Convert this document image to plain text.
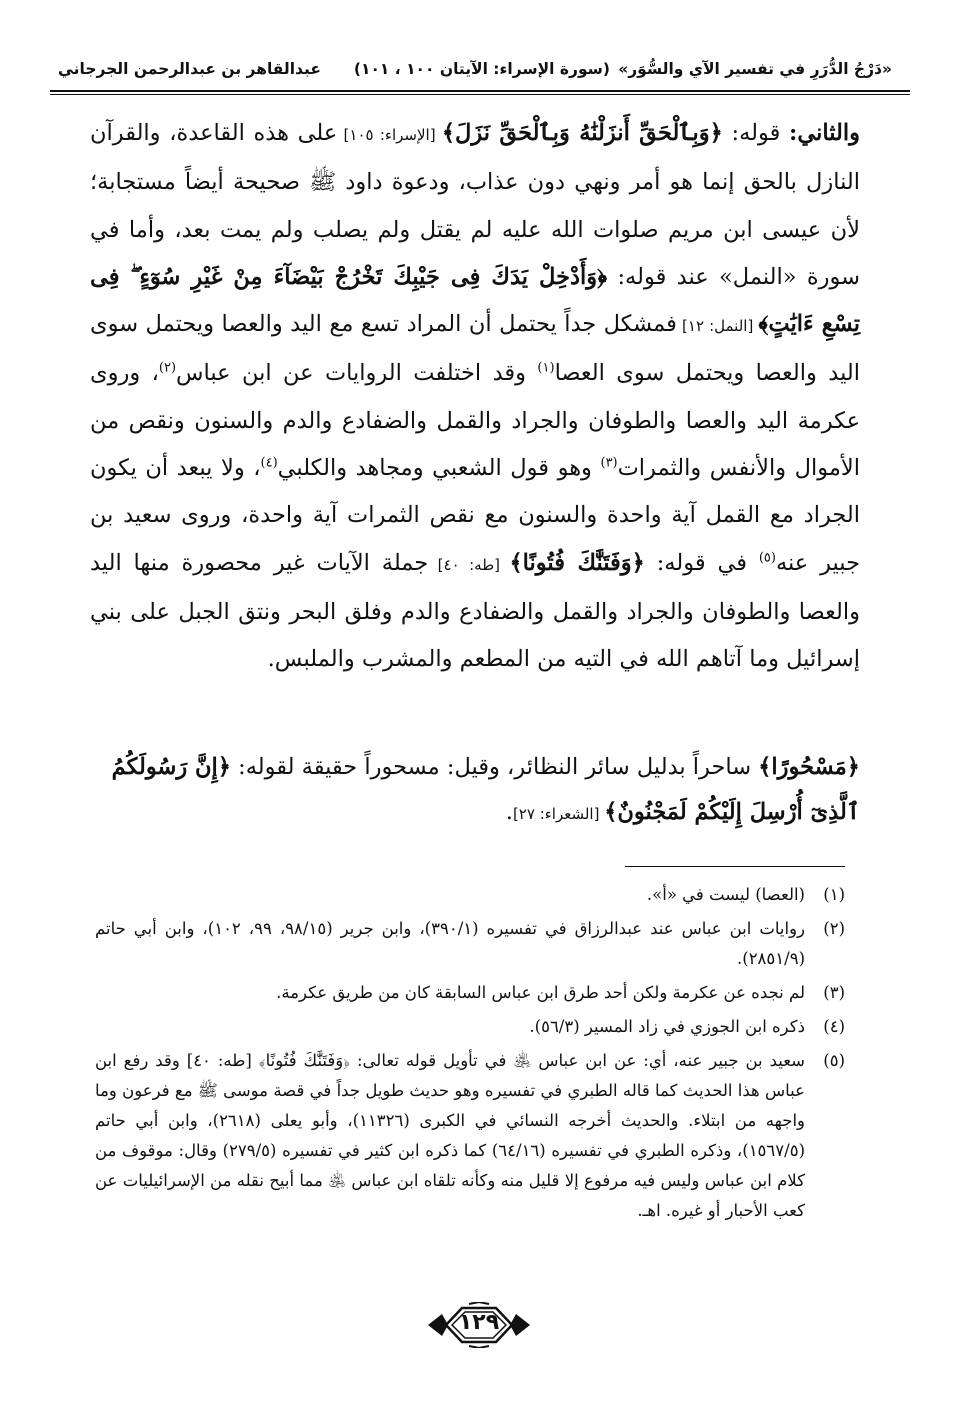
«دَرْجُ الدُّرَرِ في تفسير الآي والسُّوَر»
(سورة الإسراء: الآيتان ١٠٠ ، ١٠١)
عبدالقاهر بن عبدالرحمن الجرجاني

والثاني: قوله: ﴿وَبِٱلْحَقِّ أَنزَلْنَٰهُ وَبِٱلْحَقِّ نَزَلَ﴾ [الإسراء: ١٠٥] على هذه القاعدة، والقرآن النازل بالحق إنما هو أمر ونهي دون عذاب، ودعوة داود ﷺ صحيحة أيضاً مستجابة؛ لأن عيسى ابن مريم صلوات الله عليه لم يقتل ولم يصلب ولم يمت بعد، وأما في سورة «النمل» عند قوله: ﴿وَأَدْخِلْ يَدَكَ فِى جَيْبِكَ تَخْرُجْ بَيْضَآءَ مِنْ غَيْرِ سُوٓءٍ ۖ فِى تِسْعِ ءَايَٰتٍ﴾ [النمل: ١٢] فمشكل جداً يحتمل أن المراد تسع مع اليد والعصا ويحتمل سوى اليد والعصا ويحتمل سوى العصا$^{(١)}$ وقد اختلفت الروايات عن ابن عباس$^{(٢)}$، وروى عكرمة اليد والعصا والطوفان والجراد والقمل والضفادع والدم والسنون ونقص من الأموال والأنفس والثمرات$^{(٣)}$ وهو قول الشعبي ومجاهد والكلبي$^{(٤)}$، ولا يبعد أن يكون الجراد مع القمل آية واحدة والسنون مع نقص الثمرات آية واحدة، وروى سعيد بن جبير عنه$^{(٥)}$ في قوله: ﴿وَفَتَنَّٰكَ فُتُونًا﴾ [طه: ٤٠] جملة الآيات غير محصورة منها اليد والعصا والطوفان والجراد والقمل والضفادع والدم وفلق البحر ونتق الجبل على بني إسرائيل وما آتاهم الله في التيه من المطعم والمشرب والملبس.

﴿مَسْحُورًا﴾ ساحراً بدليل سائر النظائر، وقيل: مسحوراً حقيقة لقوله: ﴿إِنَّ رَسُولَكُمُ ٱلَّذِىٓ أُرْسِلَ إِلَيْكُمْ لَمَجْنُونٌ﴾ [الشعراء: ٢٧].

(١)
(العصا) ليست في «أ».
(٢)
روايات ابن عباس عند عبدالرزاق في تفسيره (٣٩٠/١)، وابن جرير (٩٨/١٥، ٩٩، ١٠٢)، وابن أبي حاتم (٢٨٥١/٩).
(٣)
لم نجده عن عكرمة ولكن أحد طرق ابن عباس السابقة كان من طريق عكرمة.
(٤)
ذكره ابن الجوزي في زاد المسير (٥٦/٣).
(٥)
سعيد بن جبير عنه، أي: عن ابن عباس ﵁ في تأويل قوله تعالى: ﴿وَفَتَنَّٰكَ فُتُونًا﴾ [طه: ٤٠] وقد رفع ابن عباس هذا الحديث كما قاله الطبري في تفسيره وهو حديث طويل جداً في قصة موسى ﷺ مع فرعون وما واجهه من ابتلاء. والحديث أخرجه النسائي في الكبرى (١١٣٢٦)، وأبو يعلى (٢٦١٨)، وابن أبي حاتم (١٥٦٧/٥)، وذكره الطبري في تفسيره (٦٤/١٦) كما ذكره ابن كثير في تفسيره (٢٧٩/٥) وقال: موقوف من كلام ابن عباس وليس فيه مرفوع إلا قليل منه وكأنه تلقاه ابن عباس ﵁ مما أبيح نقله من الإسرائيليات عن كعب الأحبار أو غيره. اهـ.
١٢٩
